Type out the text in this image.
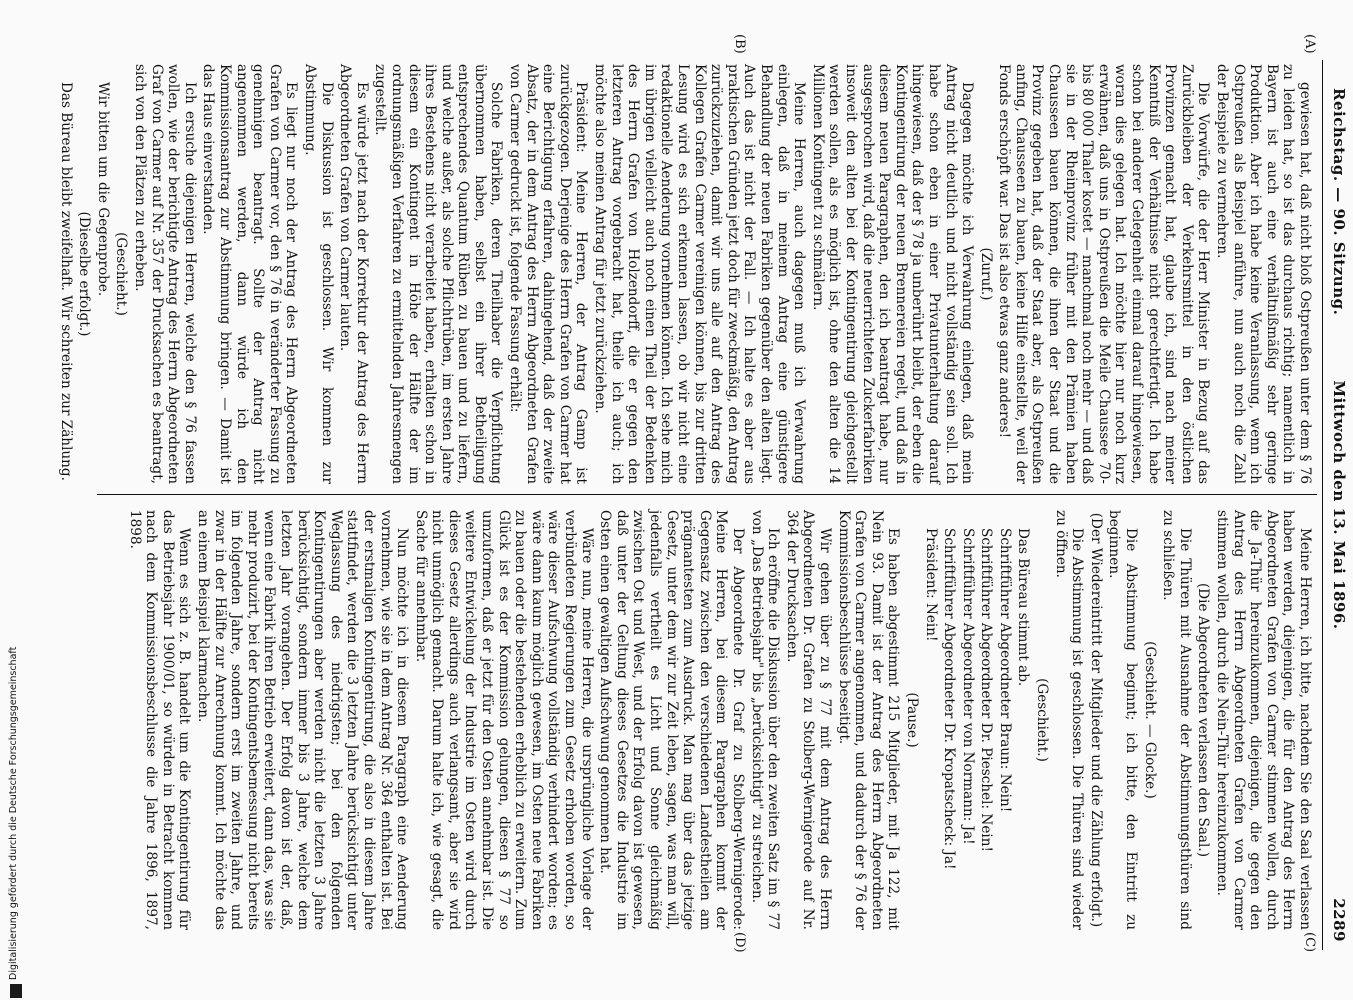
Reichstag. — 90. Sitzung.
Mittwoch den 13. Mai 1896.
2289
(A)
(B)
(C)
(D)

gewiesen hat, daß nicht bloß Ostpreußen unter dem § 76 zu leiden hat, so ist das durchaus richtig; namentlich in Bayern ist auch eine verhältnißmäßig sehr geringe Produktion. Aber ich habe keine Veranlassung, wenn ich Ostpreußen als Beispiel anführe, nun auch noch die Zahl der Beispiele zu vermehren.

Die Vorwürfe, die der Herr Minister in Bezug auf das Zurückbleiben der Verkehrsmittel in den östlichen Provinzen gemacht hat, glaube ich, sind nach meiner Kenntniß der Verhältnisse nicht gerechtfertigt. Ich habe schon bei anderer Gelegenheit einmal darauf hingewiesen, woran dies gelegen hat. Ich möchte hier nur noch kurz erwähnen, daß uns in Ostpreußen die Meile Chaussee 70- bis 80 000 Thaler kostet — manchmal noch mehr — und daß sie in der Rheinprovinz früher mit den Prämien haben Chausseen bauen können, die ihnen der Staat und die Provinz gegeben hat, daß der Staat aber, als Ostpreußen anfing, Chausseen zu bauen, keine Hilfe einstellte, weil der Fonds erschöpft war. Das ist also etwas ganz anderes!

(Zuruf.)

Dagegen möchte ich Verwahrung einlegen, daß mein Antrag nicht deutlich und nicht vollständig sein soll. Ich habe schon eben in einer Privatunterhaltung darauf hingewiesen, daß der § 78 ja unberührt bleibt, der eben die Kontingentirung der neuen Brennereien regelt, und daß in diesem neuen Paragraphen, den ich beantragt habe, nur ausgesprochen wird, daß die neuerrichteten Zuckerfabriken insoweit den alten bei der Kontingentirung gleichgestellt werden sollen, als es möglich ist, ohne den alten die 14 Millionen Kontingent zu schmälern.

Meine Herren, auch dagegen muß ich Verwahrung einlegen, daß in meinem Antrag eine günstigere Behandlung der neuen Fabriken gegenüber den alten liegt. Auch das ist nicht der Fall. — Ich halte es aber aus praktischen Gründen jetzt doch für zweckmäßig, den Antrag zurückzuziehen, damit wir uns alle auf den Antrag des Kollegen Grafen Carmer vereinigen können, bis zur dritten Lesung wird es sich erkennen lassen, ob wir nicht eine redaktionelle Aenderung vornehmen können. Ich sehe mich im übrigen vielleicht auch noch einen Theil der Bedenken des Herrn Grafen von Holzendorff, die er gegen den letzteren Antrag vorgebracht hat, theile ich auch; ich möchte also meinen Antrag für jetzt zurückziehen.

Präsident: Meine Herren, der Antrag Gamp ist zurückgezogen. Derjenige des Herrn Grafen von Carmer hat eine Berichtigung erfahren, dahingehend, daß der zweite Absatz, der in dem Antrag des Herrn Abgeordneten Grafen von Carmer gedruckt ist, folgende Fassung erhält:

Solche Fabriken, deren Theilhaber die Verpflichtung übernommen haben, selbst ein ihrer Betheiligung entsprechendes Quantum Rüben zu bauen und zu liefern, und welche außer, als solche Pflichtrüben, im ersten Jahre ihres Bestehens nicht verarbeitet haben, erhalten schon in diesem ein Kontingent in Höhe der Hälfte der im ordnungsmäßigen Verfahren zu ermittelnden Jahresmengen zugestellt.

Es würde jetzt nach der Korrektur der Antrag des Herrn Abgeordneten Grafen von Carmer lauten.

Die Diskussion ist geschlossen. Wir kommen zur Abstimmung.

Es liegt nur noch der Antrag des Herrn Abgeordneten Grafen von Carmer vor, den § 76 in veränderter Fassung zu genehmigen beantragt. Sollte der Antrag nicht angenommen werden, dann würde ich den Kommissionsantrag zur Abstimmung bringen. — Damit ist das Haus einverstanden.

Ich ersuche diejenigen Herren, welche den § 76 fassen wollen, wie der berichtigte Antrag des Herrn Abgeordneten Graf von Carmer auf Nr. 357 der Drucksachen es beantragt, sich von den Plätzen zu erheben.

(Geschieht.)

Wir bitten um die Gegenprobe.

(Dieselbe erfolgt.)

Das Büreau bleibt zweifelhaft. Wir schreiten zur Zählung.

Meine Herren, ich bitte, nachdem Sie den Saal verlassen haben werden, diejenigen, die für den Antrag des Herrn Abgeordneten Grafen von Carmer stimmen wollen, durch die Ja-Thür hereinzukommen, diejenigen, die gegen den Antrag des Herrn Abgeordneten Grafen von Carmer stimmen wollen, durch die Nein-Thür hereinzukommen.

(Die Abgeordneten verlassen den Saal.)

Die Thüren mit Ausnahme der Abstimmungsthüren sind zu schließen.

(Geschieht. — Glocke.)

Die Abstimmung beginnt; ich bitte, den Eintritt zu beginnen.

(Der Wiedereintritt der Mitglieder und die Zählung erfolgt.)

Die Abstimmung ist geschlossen. Die Thüren sind wieder zu öffnen.

(Geschieht.)

Das Büreau stimmt ab.

Schriftführer Abgeordneter Braun: Nein!

Schriftführer Abgeordneter Dr. Pieschel: Nein!

Schriftführer Abgeordneter von Normann: Ja!

Schriftführer Abgeordneter Dr. Kropatscheck: Ja!

Präsident: Nein!

(Pause.)

Es haben abgestimmt 215 Mitglieder, mit Ja 122, mit Nein 93. Damit ist der Antrag des Herrn Abgeordneten Grafen von Carmer angenommen, und dadurch der § 76 der Kommissionsbeschlüsse beseitigt.

Wir gehen über zu § 77 mit dem Antrag des Herrn Abgeordneten Dr. Grafen zu Stolberg-Wernigerode auf Nr. 364 der Drucksachen.

Ich eröffne die Diskussion über den zweiten Satz im § 77 von „Das Betriebsjahr" bis „berücksichtigt" zu streichen.

Der Abgeordnete Dr. Graf zu Stolberg-Wernigerode: Meine Herren, bei diesem Paragraphen kommt der Gegensatz zwischen den verschiedenen Landestheilen am prägnantesten zum Ausdruck. Man mag über das jetzige Gesetz, unter dem wir zur Zeit leben, sagen, was man will, jedenfalls vertheilt es Licht und Sonne gleichmäßig zwischen Ost und West, und der Erfolg davon ist gewesen, daß unter der Geltung dieses Gesetzes die Industrie im Osten einen gewaltigen Aufschwung genommen hat.

Wäre nun, meine Herren, die ursprüngliche Vorlage der verbündeten Regierungen zum Gesetz erhoben worden, so wäre dieser Aufschwung vollständig verhindert worden; es wäre dann kaum möglich gewesen, im Osten neue Fabriken zu bauen oder die bestehenden erheblich zu erweitern. Zum Glück ist es der Kommission gelungen, diesen § 77 so umzuformen, daß er jetzt für den Osten annehmbar ist. Die weitere Entwickelung der Industrie im Osten wird durch dieses Gesetz allerdings auch verlangsamt, aber sie wird nicht unmöglich gemacht. Darum halte ich, wie gesagt, die Sache für annehmbar.

Nun möchte ich in diesem Paragraph eine Aenderung vornehmen, wie sie in dem Antrag Nr. 364 enthalten ist. Bei der erstmaligen Kontingentirung, die also in diesem Jahre stattfindet, werden die 3 letzten Jahre berücksichtigt unter Weglassung des niedrigsten; bei den folgenden Kontingentirungen aber werden nicht die letzten 3 Jahre berücksichtigt, sondern immer bis 3 Jahre, welche dem letzten Jahr vorangehen. Der Erfolg davon ist der, daß, wenn eine Fabrik ihren Betrieb erweitert, dann das, was sie mehr produzirt, bei der Kontingentsbemessung nicht bereits im folgenden Jahre, sondern erst im zweiten Jahre, und zwar in der Hälfte zur Anrechnung kommt. Ich möchte das an einem Beispiel klarmachen.

Wenn es sich z. B. handelt um die Kontingentirung für das Betriebsjahr 1900/01, so würden in Betracht kommen nach dem Kommissionsbeschlusse die Jahre 1896, 1897, 1898.

Digitalisierung gefördert durch die Deutsche Forschungsgemeinschaft
